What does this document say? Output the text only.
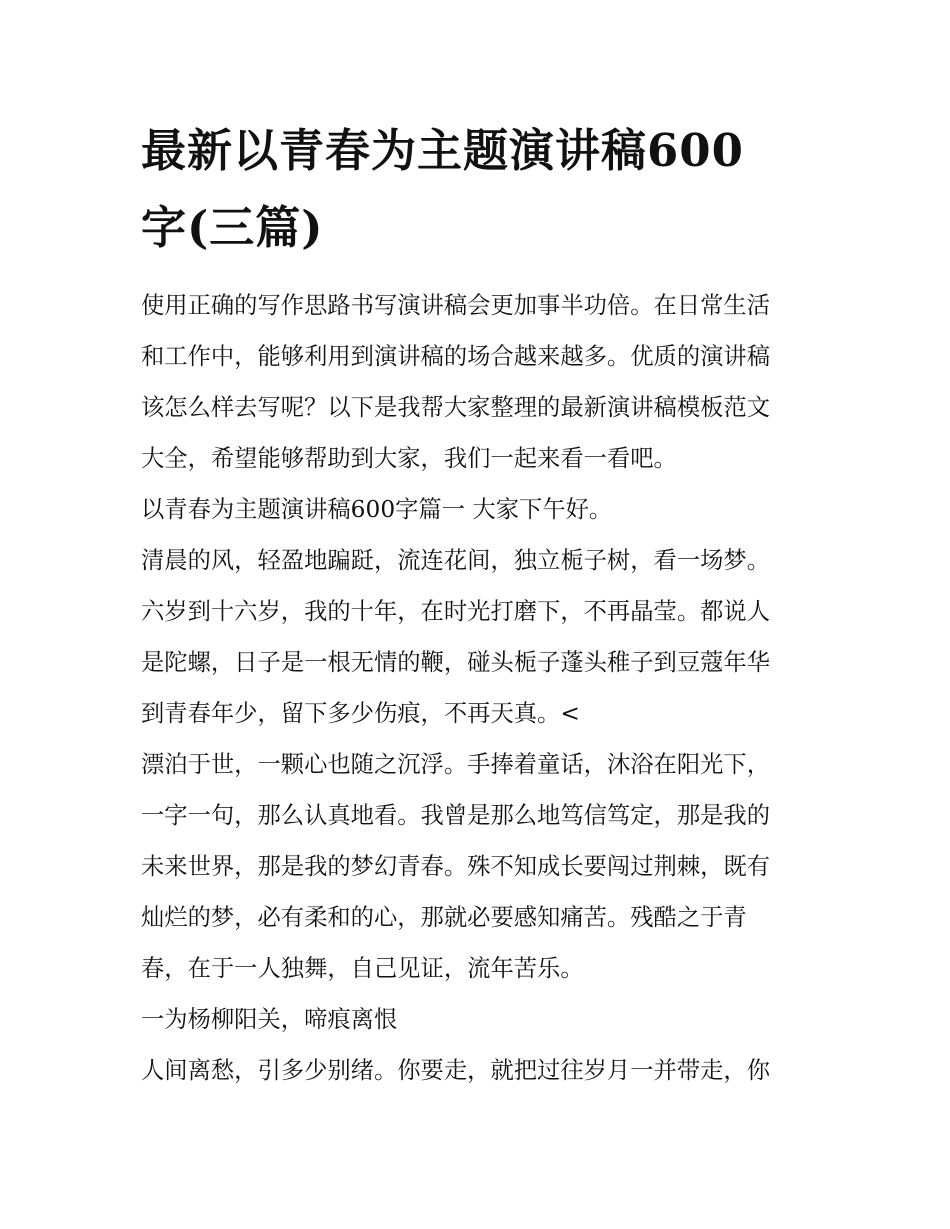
最新以青春为主题演讲稿600
字(三篇)

使用正确的写作思路书写演讲稿会更加事半功倍。在日常生活

和工作中，能够利用到演讲稿的场合越来越多。优质的演讲稿

该怎么样去写呢？以下是我帮大家整理的最新演讲稿模板范文

大全，希望能够帮助到大家，我们一起来看一看吧。

以青春为主题演讲稿600字篇一 大家下午好。

清晨的风，轻盈地蹁跹，流连花间，独立栀子树，看一场梦。

六岁到十六岁，我的十年，在时光打磨下，不再晶莹。都说人

是陀螺，日子是一根无情的鞭，碰头栀子蓬头稚子到豆蔻年华

到青春年少，留下多少伤痕，不再天真。<

漂泊于世，一颗心也随之沉浮。手捧着童话，沐浴在阳光下，

一字一句，那么认真地看。我曾是那么地笃信笃定，那是我的

未来世界，那是我的梦幻青春。殊不知成长要闯过荆棘，既有

灿烂的梦，必有柔和的心，那就必要感知痛苦。残酷之于青

春，在于一人独舞，自己见证，流年苦乐。

一为杨柳阳关，啼痕离恨

人间离愁，引多少别绪。你要走，就把过往岁月一并带走，你
